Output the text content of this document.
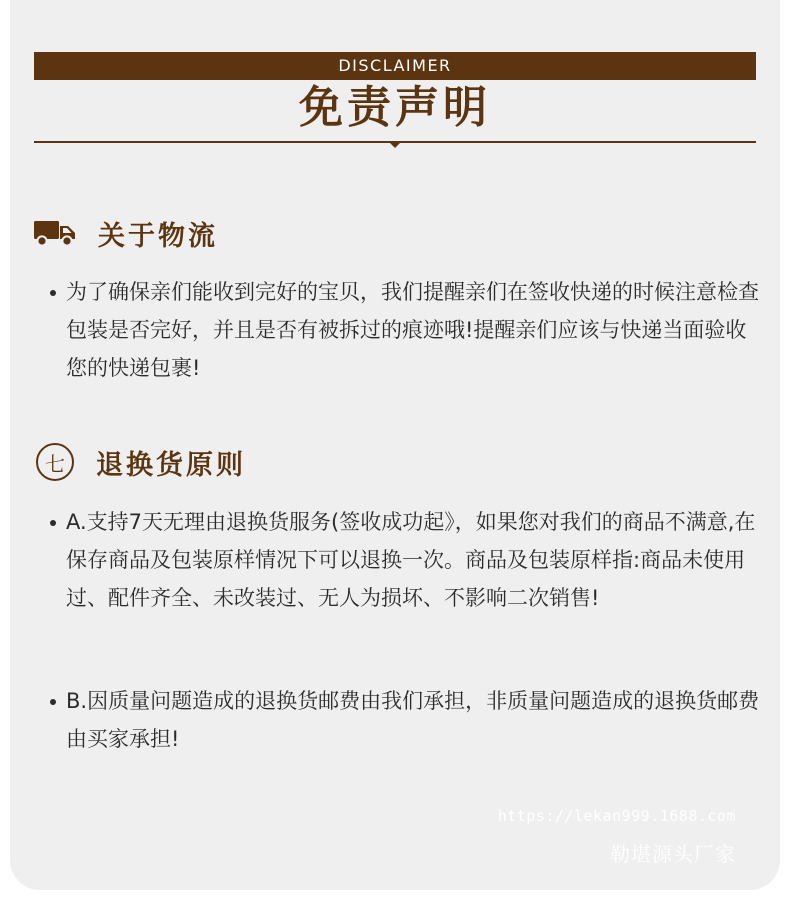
DISCLAIMER
免责声明
关于物流
为了确保亲们能收到完好的宝贝，我们提醒亲们在签收快递的时候注意检查包装是否完好，并且是否有被拆过的痕迹哦!提醒亲们应该与快递当面验收您的快递包裹!
七	退换货原则
A.支持7天无理由退换货服务(签收成功起》，如果您对我们的商品不满意,在保存商品及包装原样情况下可以退换一次。商品及包装原样指:商品未使用过、配件齐全、未改装过、无人为损坏、不影响二次销售!
B.因质量问题造成的退换货邮费由我们承担，非质量问题造成的退换货邮费由买家承担!
https://lekan999.1688.com
勒堪源头厂家
